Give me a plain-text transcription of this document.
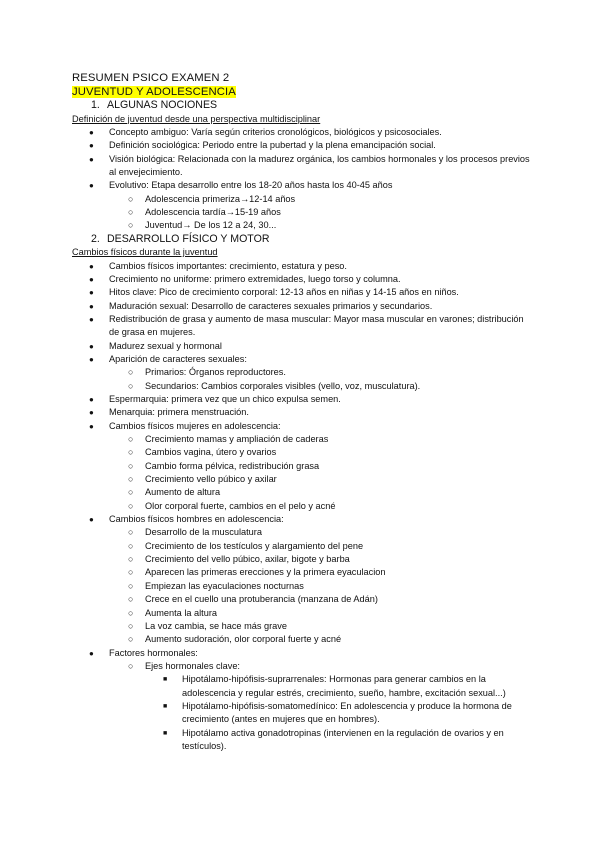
RESUMEN PSICO EXAMEN 2
JUVENTUD Y ADOLESCENCIA
1. ALGUNAS NOCIONES
Definición de juventud desde una perspectiva multidisciplinar
● Concepto ambiguo: Varía según criterios cronológicos, biológicos y psicosociales.
● Definición sociológica: Periodo entre la pubertad y la plena emancipación social.
● Visión biológica: Relacionada con la madurez orgánica, los cambios hormonales y los procesos previos al envejecimiento.
● Evolutivo: Etapa desarrollo entre los 18-20 años hasta los 40-45 años
○ Adolescencia primeriza→12-14 años
○ Adolescencia tardía→15-19 años
○ Juventud→ De los 12 a 24, 30...
2. DESARROLLO FÍSICO Y MOTOR
Cambios físicos durante la juventud
● Cambios físicos importantes: crecimiento, estatura y peso.
● Crecimiento no uniforme: primero extremidades, luego torso y columna.
● Hitos clave: Pico de crecimiento corporal: 12-13 años en niñas y 14-15 años en niños.
● Maduración sexual: Desarrollo de caracteres sexuales primarios y secundarios.
● Redistribución de grasa y aumento de masa muscular: Mayor masa muscular en varones; distribución de grasa en mujeres.
● Madurez sexual y hormonal
● Aparición de caracteres sexuales:
○ Primarios: Órganos reproductores.
○ Secundarios: Cambios corporales visibles (vello, voz, musculatura).
● Espermarquia: primera vez que un chico expulsa semen.
● Menarquia: primera menstruación.
● Cambios físicos mujeres en adolescencia:
○ Crecimiento mamas y ampliación de caderas
○ Cambios vagina, útero y ovarios
○ Cambio forma pélvica, redistribución grasa
○ Crecimiento vello púbico y axilar
○ Aumento de altura
○ Olor corporal fuerte, cambios en el pelo y acné
● Cambios físicos hombres en adolescencia:
○ Desarrollo de la musculatura
○ Crecimiento de los testículos y alargamiento del pene
○ Crecimiento del vello púbico, axilar, bigote y barba
○ Aparecen las primeras erecciones y la primera eyaculacion
○ Empiezan las eyaculaciones nocturnas
○ Crece en el cuello una protuberancia (manzana de Adán)
○ Aumenta la altura
○ La voz cambia, se hace más grave
○ Aumento sudoración, olor corporal fuerte y acné
● Factores hormonales:
○ Ejes hormonales clave:
■ Hipotálamo-hipófisis-suprarrenales: Hormonas para generar cambios en la adolescencia y regular estrés, crecimiento, sueño, hambre, excitación sexual...)
■ Hipotálamo-hipófisis-somatomedínico: En adolescencia y produce la hormona de crecimiento (antes en mujeres que en hombres).
■ Hipotálamo activa gonadotropinas (intervienen en la regulación de ovarios y en testículos).
